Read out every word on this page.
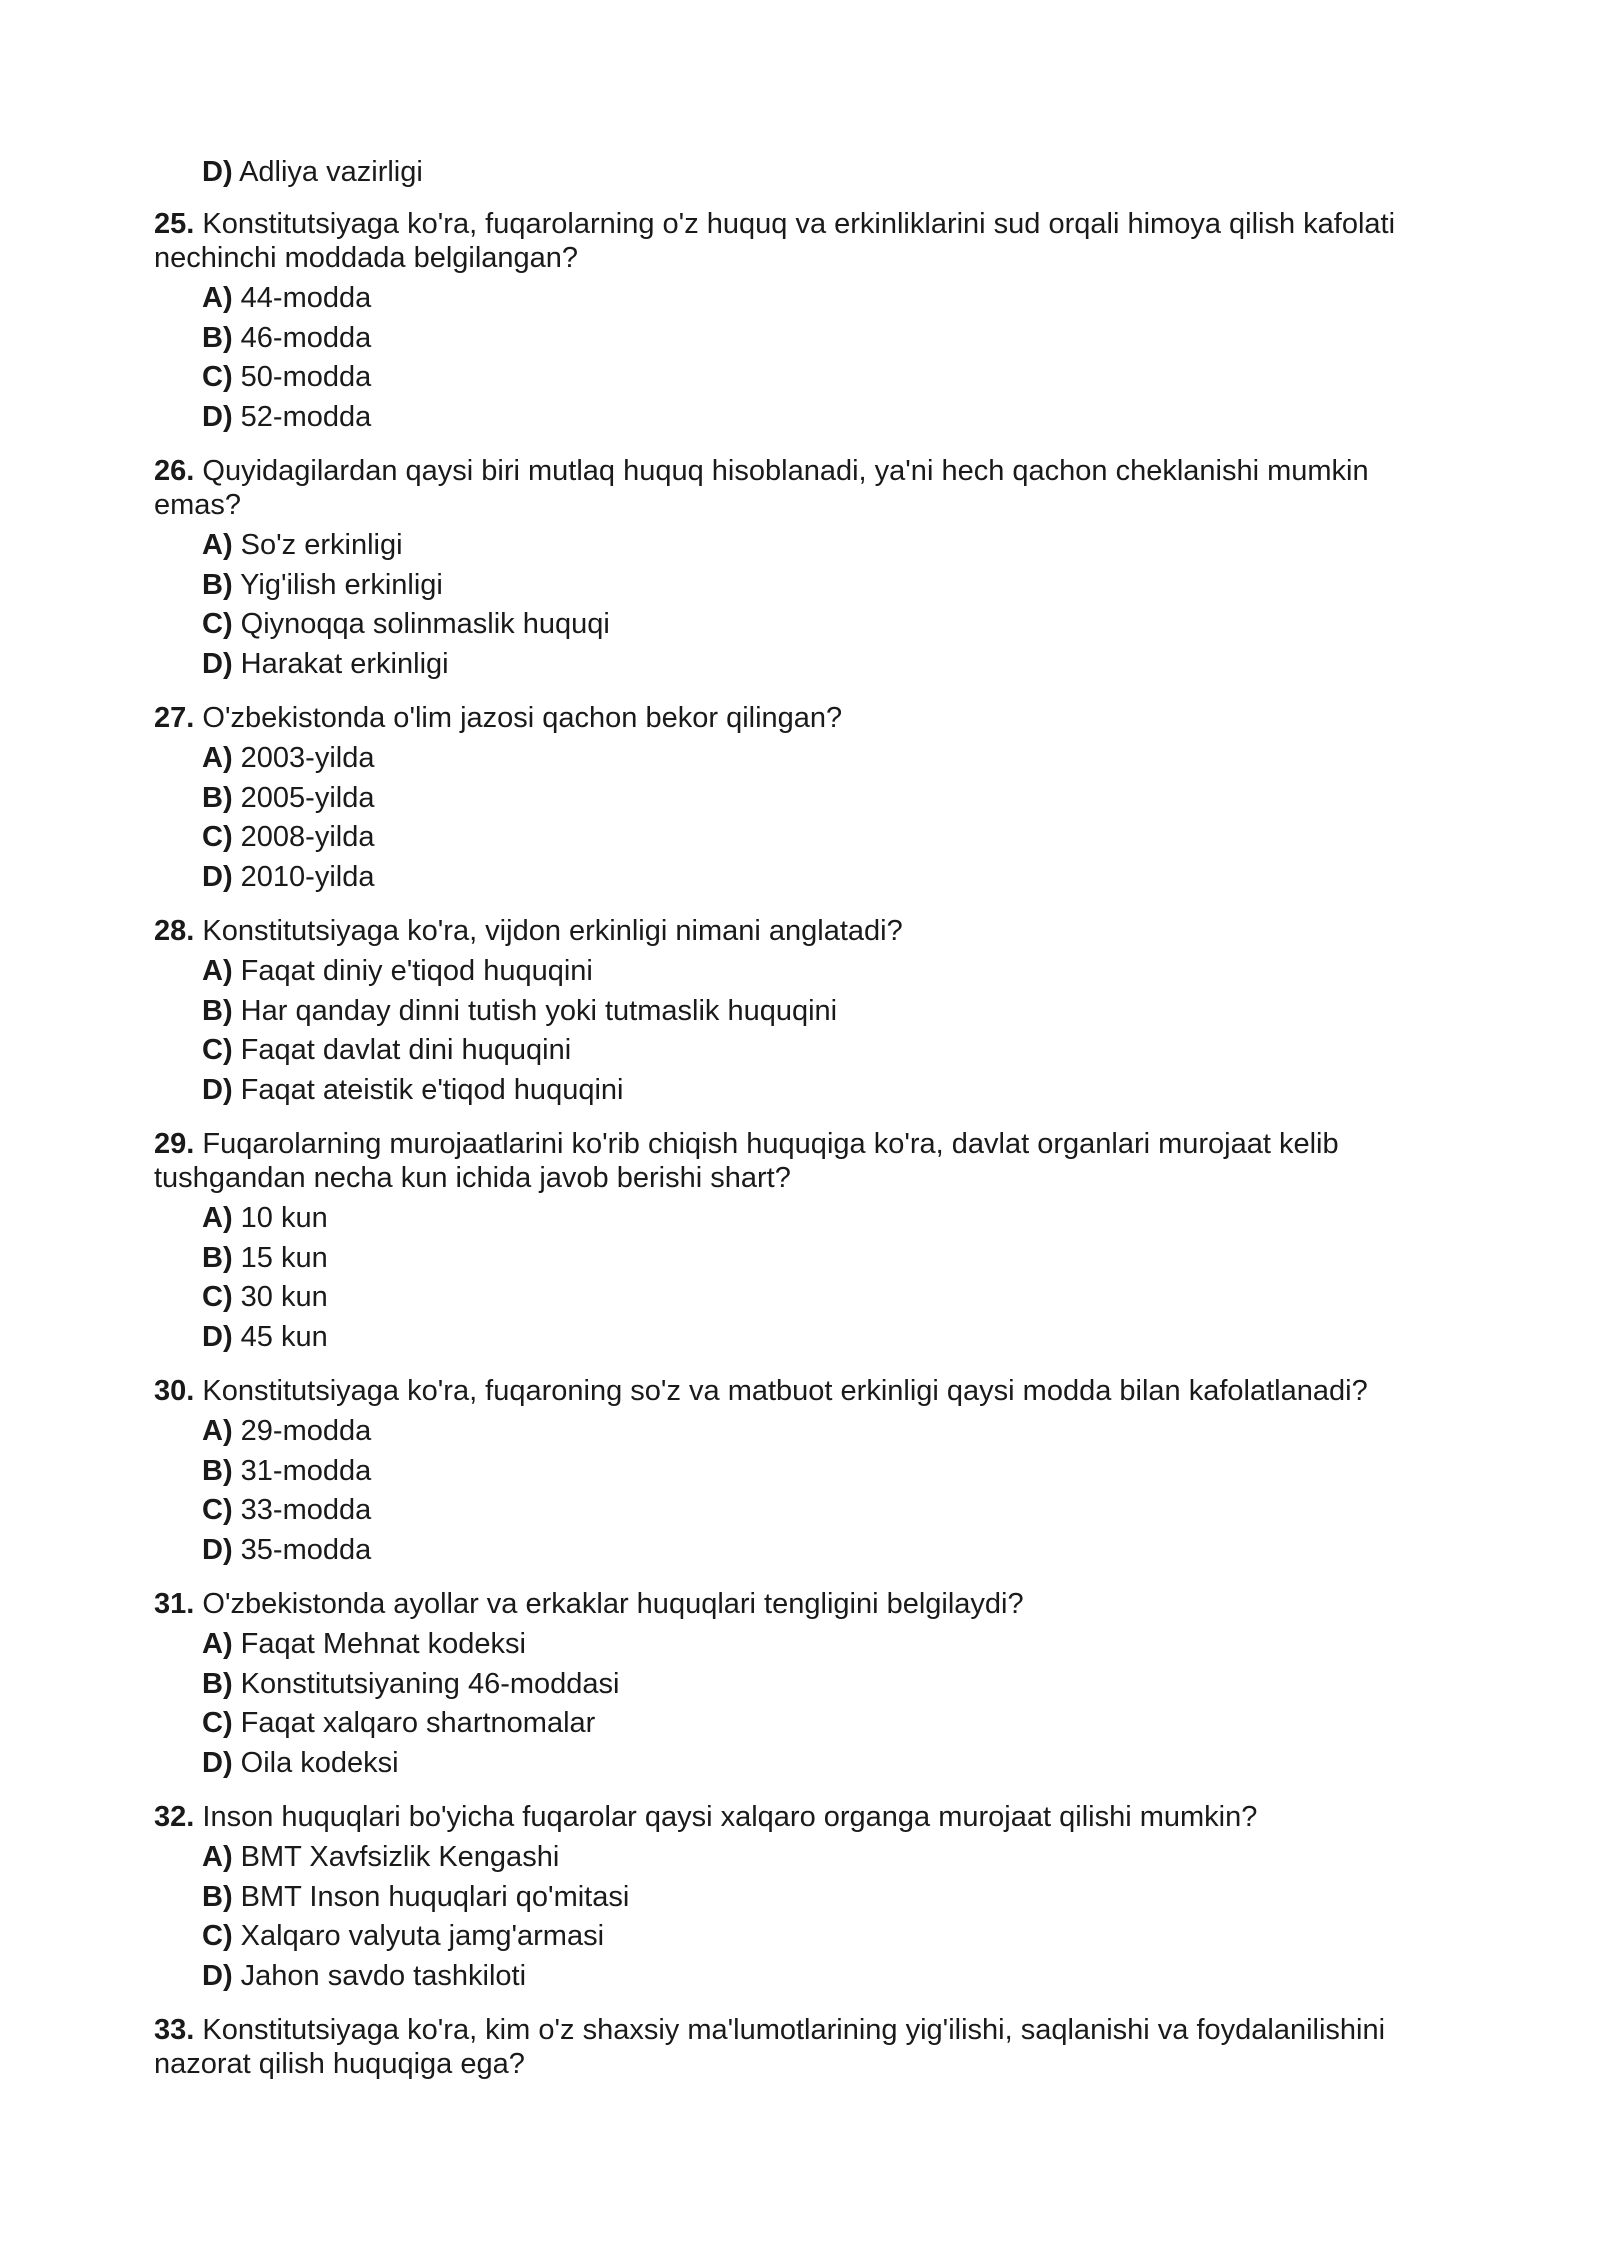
D) Adliya vazirligi

25. Konstitutsiyaga ko'ra, fuqarolarning o'z huquq va erkinliklarini sud orqali himoya qilish kafolati nechinchi moddada belgilangan?

A) 44-modda
B) 46-modda
C) 50-modda
D) 52-modda

26. Quyidagilardan qaysi biri mutlaq huquq hisoblanadi, ya'ni hech qachon cheklanishi mumkin emas?

A) So'z erkinligi
B) Yig'ilish erkinligi
C) Qiynoqqa solinmaslik huquqi
D) Harakat erkinligi

27. O'zbekistonda o'lim jazosi qachon bekor qilingan?

A) 2003-yilda
B) 2005-yilda
C) 2008-yilda
D) 2010-yilda

28. Konstitutsiyaga ko'ra, vijdon erkinligi nimani anglatadi?

A) Faqat diniy e'tiqod huquqini
B) Har qanday dinni tutish yoki tutmaslik huquqini
C) Faqat davlat dini huquqini
D) Faqat ateistik e'tiqod huquqini

29. Fuqarolarning murojaatlarini ko'rib chiqish huquqiga ko'ra, davlat organlari murojaat kelib tushgandan necha kun ichida javob berishi shart?

A) 10 kun
B) 15 kun
C) 30 kun
D) 45 kun

30. Konstitutsiyaga ko'ra, fuqaroning so'z va matbuot erkinligi qaysi modda bilan kafolatlanadi?

A) 29-modda
B) 31-modda
C) 33-modda
D) 35-modda

31. O'zbekistonda ayollar va erkaklar huquqlari tengligini belgilaydi?

A) Faqat Mehnat kodeksi
B) Konstitutsiyaning 46-moddasi
C) Faqat xalqaro shartnomalar
D) Oila kodeksi

32. Inson huquqlari bo'yicha fuqarolar qaysi xalqaro organga murojaat qilishi mumkin?

A) BMT Xavfsizlik Kengashi
B) BMT Inson huquqlari qo'mitasi
C) Xalqaro valyuta jamg'armasi
D) Jahon savdo tashkiloti

33. Konstitutsiyaga ko'ra, kim o'z shaxsiy ma'lumotlarining yig'ilishi, saqlanishi va foydalanilishini nazorat qilish huquqiga ega?
